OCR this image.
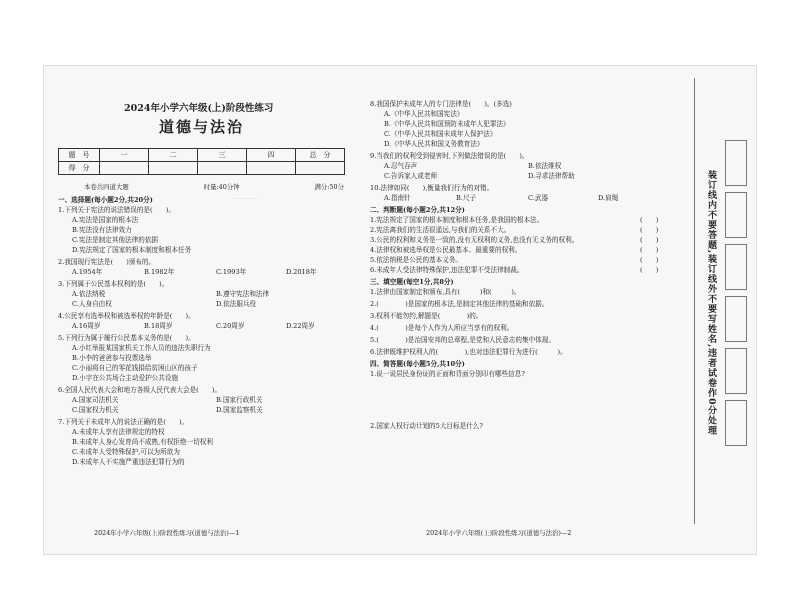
…………
2024年小学六年级(上)阶段性练习
道德与法治
题　号	一	二	三	四	总　分
得　分					
本卷共四道大题	时量:40分钟	满分:50分
一、选择题(每小题2分,共20分)
1.下列关于宪法的说法错误的是(　　)。
A.宪法是国家的根本法
B.宪法没有法律效力
C.宪法是制定其他法律的依据
D.宪法规定了国家的根本制度和根本任务
2.我国现行宪法是(　　)颁布的。
A.1954年	B.1982年	C.1993年	D.2018年
3.下列属于公民基本权利的是(　　)。
A.依法纳税	B.遵守宪法和法律
C.人身自由权	D.依法服兵役
4.公民享有选举权和被选举权的年龄是(　　)。
A.16周岁	B.18周岁	C.20周岁	D.22周岁
5.下列行为属于履行公民基本义务的是(　　)。
A.小红举报某国家机关工作人员的违法失职行为
B.小李的爸爸参与投票选举
C.小丽将自己的零花钱捐给贫困山区的孩子
D.小宇在公共场合主动爱护公共设施
6.全国人民代表大会和地方各级人民代表大会是(　　)。
A.国家司法机关	B.国家行政机关
C.国家权力机关	D.国家监察机关
7.下列关于未成年人的说法正确的是(　　)。
A.未成年人享有法律规定的特权
B.未成年人身心发育尚不成熟,有权拒绝一切权利
C.未成年人受特殊保护,可以为所欲为
D.未成年人不实施严重违法犯罪行为的
2024年小学六年级(上)阶段性练习(道德与法治)—1
8.我国保护未成年人的专门法律是(　　)。(多选)
A.《中华人民共和国宪法》
B.《中华人民共和国预防未成年人犯罪法》
C.《中华人民共和国未成年人保护法》
D.《中华人民共和国义务教育法》
9.当我们的权利受到侵害时,下列做法错误的是(　　)。
A.忍气吞声	B.依法维权
C.告诉家人或老师	D.寻求法律帮助
10.法律如同(　　),衡量我们行为的对错。
A.指南针	B.尺子	C.武器	D.肩绳
二、判断题(每小题2分,共12分)
1.宪法规定了国家的根本制度和根本任务,是我国的根本法。	(　　)
2.宪法离我们的生活很遥远,与我们的关系不大。	(　　)
3.公民的权利和义务是一致的,没有无权利的义务,也没有无义务的权利。	(　　)
4.法律权和被选举权是公民最基本、最重要的权利。	(　　)
5.依法纳税是公民的基本义务。	(　　)
6.未成年人受法律特殊保护,违法犯罪不受法律制裁。	(　　)
三、填空题(每空1分,共8分)
1.法律由国家制定和颁布,具有(　　　)和(　　　)。
2.(　　　　)是国家的根本法,是制定其他法律的基础和依据。
3.权利不能勿约,解题是(　　　　)的。
4.(　　　　)是每个人作为人所应当享有的权利。
5.(　　　　)是治国安邦的总章程,是党和人民意志的集中体现。
6.法律既维护权利人的(　　　　),也对违法犯罪行为进行(　　　)。
四、简答题(每小题5分,共10分)
1.说一说居民身份证的正面和背面分别印有哪些信息?
2.国家人权行动计划的5大目标是什么?
2024年小学六年级(上)阶段性练习(道德与法治)—2
装订线内不要答题,装订线外不要写姓名,违者试卷作0分处理
